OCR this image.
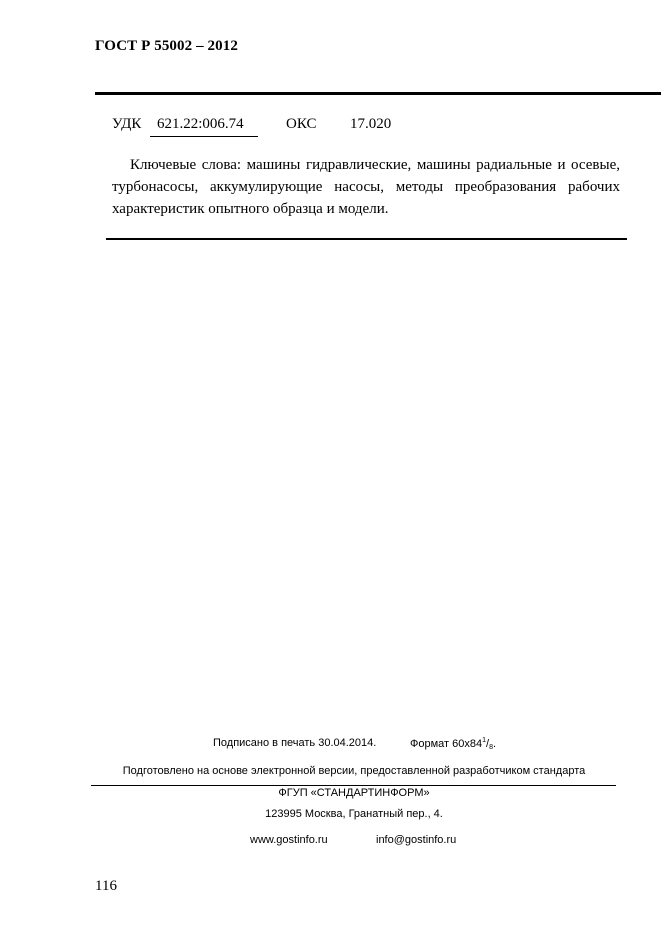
ГОСТ Р 55002 – 2012
УДК 621.22:006.74	ОКС 17.020

Ключевые слова: машины гидравлические, машины радиальные и осевые, турбонасосы, аккумулирующие насосы, методы преобразования рабочих характеристик опытного образца и модели.

Подписано в печать 30.04.2014.	Формат $60х84^1/8$.
Подготовлено на основе электронной версии, предоставленной разработчиком стандарта
ФГУП «СТАНДАРТИНФОРМ»
123995 Москва, Гранатный пер., 4.
www.gostinfo.ru	info@gostinfo.ru
116
